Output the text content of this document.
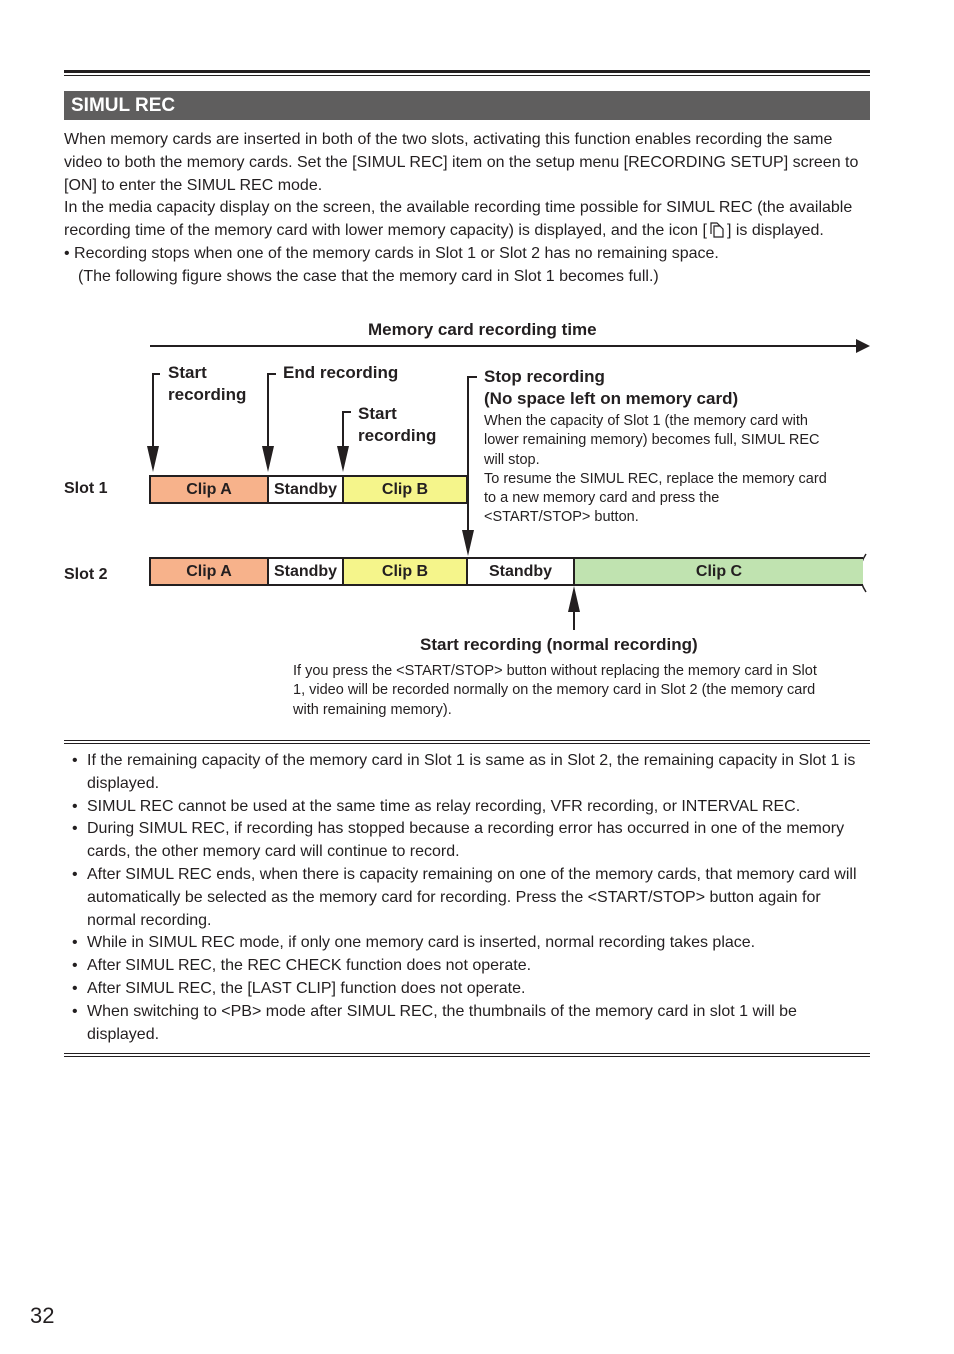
SIMUL REC

When memory cards are inserted in both of the two slots, activating this function enables recording the same video to both the memory cards. Set the [SIMUL REC] item on the setup menu [RECORDING SETUP] screen to [ON] to enter the SIMUL REC mode.

In the media capacity display on the screen, the available recording time possible for SIMUL REC (the available recording time of the memory card with lower memory capacity) is displayed, and the icon [ ] is displayed.

• Recording stops when one of the memory cards in Slot 1 or Slot 2 has no remaining space.

(The following figure shows the case that the memory card in Slot 1 becomes full.)

Memory card recording time
Start
recording
End recording
Start
recording
Stop recording
(No space left on memory card)
When the capacity of Slot 1 (the memory card with
lower remaining memory) becomes full, SIMUL REC
will stop.
To resume the SIMUL REC, replace the memory card
to a new memory card and press the
<START/STOP> button.
Slot 1
Slot 2
Clip A	Standby	Clip B
Clip A	Standby	Clip B	Standby	Clip C
Start recording (normal recording)
If you press the <START/STOP> button without replacing the memory card in Slot
1, video will be recorded normally on the memory card in Slot 2 (the memory card
with remaining memory).
• If the remaining capacity of the memory card in Slot 1 is same as in Slot 2, the remaining capacity in Slot 1 is displayed.
• SIMUL REC cannot be used at the same time as relay recording, VFR recording, or INTERVAL REC.
• During SIMUL REC, if recording has stopped because a recording error has occurred in one of the memory cards, the other memory card will continue to record.
• After SIMUL REC ends, when there is capacity remaining on one of the memory cards, that memory card will automatically be selected as the memory card for recording. Press the <START/STOP> button again for normal recording.
• While in SIMUL REC mode, if only one memory card is inserted, normal recording takes place.
• After SIMUL REC, the REC CHECK function does not operate.
• After SIMUL REC, the [LAST CLIP] function does not operate.
• When switching to <PB> mode after SIMUL REC, the thumbnails of the memory card in slot 1 will be displayed.
32
